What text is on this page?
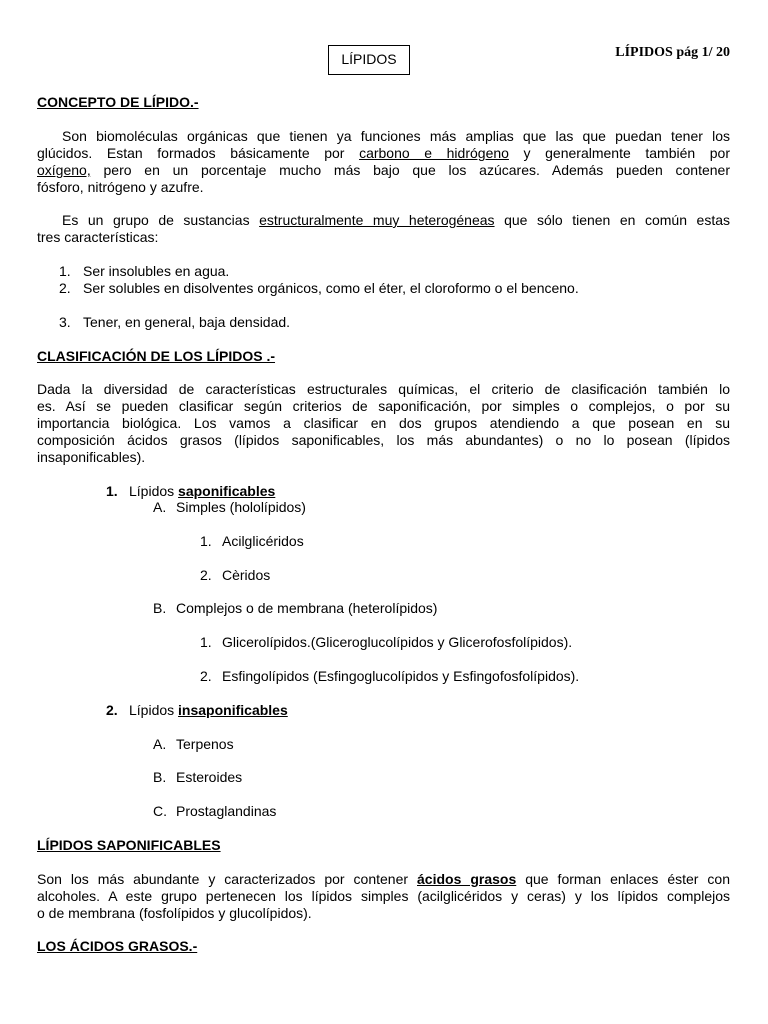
LÍPIDOS	LÍPIDOS pág 1/ 20
CONCEPTO DE LÍPIDO.-
Son biomoléculas orgánicas que tienen ya funciones más amplias que las que puedan tener los
glúcidos. Estan formados básicamente por carbono e hidrógeno y generalmente también por
oxígeno, pero en un porcentaje mucho más bajo que los azúcares. Además pueden contener
fósforo, nitrógeno y azufre.
Es un grupo de sustancias estructuralmente muy heterogéneas que sólo tienen en común estas
tres características:
1. Ser insolubles en agua.
2. Ser solubles en disolventes orgánicos, como el éter, el cloroformo o el benceno.
3. Tener, en general, baja densidad.
CLASIFICACIÓN DE LOS LÍPIDOS .-
Dada la diversidad de características estructurales químicas, el criterio de clasificación también lo
es. Así se pueden clasificar según criterios de saponificación, por simples o complejos, o por su
importancia biológica. Los vamos a clasificar en dos grupos atendiendo a que posean en su
composición ácidos grasos (lípidos saponificables, los más abundantes) o no lo posean (lípidos
insaponificables).
1. Lípidos saponificables
A. Simples (hololípidos)
1. Acilglicéridos
2. Cèridos
B. Complejos o de membrana (heterolípidos)
1. Glicerolípidos.(Gliceroglucolípidos y Glicerofosfolípidos).
2. Esfingolípidos (Esfingoglucolípidos y Esfingofosfolípidos).
2. Lípidos insaponificables
A. Terpenos
B. Esteroides
C. Prostaglandinas
LÍPIDOS SAPONIFICABLES
Son los más abundante y caracterizados por contener ácidos grasos que forman enlaces éster con
alcoholes. A este grupo pertenecen los lípidos simples (acilglicéridos y ceras) y los lípidos complejos
o de membrana (fosfolípidos y glucolípidos).
LOS ÁCIDOS GRASOS.-
